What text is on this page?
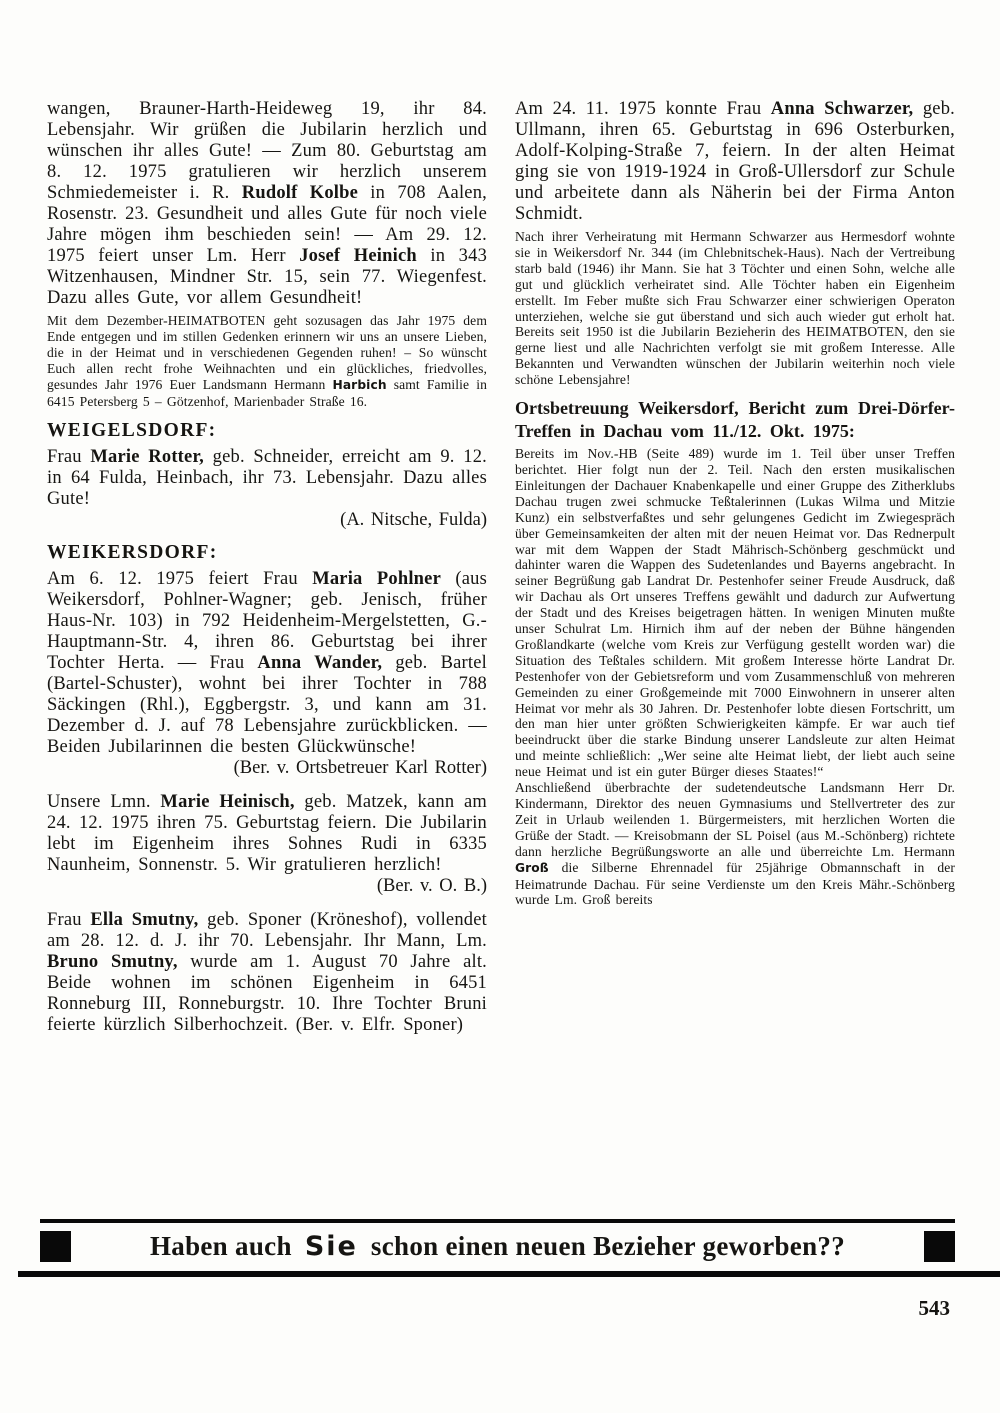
wangen, Brauner-Harth-Heideweg 19, ihr 84. Lebensjahr. Wir grüßen die Jubilarin herzlich und wünschen ihr alles Gute! — Zum 80. Geburtstag am 8. 12. 1975 gratulieren wir herzlich unserem Schmiedemeister i. R. Rudolf Kolbe in 708 Aalen, Rosenstr. 23. Gesundheit und alles Gute für noch viele Jahre mögen ihm beschieden sein! — Am 29. 12. 1975 feiert unser Lm. Herr Josef Heinich in 343 Witzenhausen, Mindner Str. 15, sein 77. Wiegenfest. Dazu alles Gute, vor allem Gesundheit!

Mit dem Dezember-HEIMATBOTEN geht sozusagen das Jahr 1975 dem Ende entgegen und im stillen Gedenken erinnern wir uns an unsere Lieben, die in der Heimat und in verschiedenen Gegenden ruhen! – So wünscht Euch allen recht frohe Weihnachten und ein glückliches, friedvolles, gesundes Jahr 1976 Euer Landsmann Hermann Harbich samt Familie in 6415 Petersberg 5 – Götzenhof, Marienbader Straße 16.

WEIGELSDORF:

Frau Marie Rotter, geb. Schneider, erreicht am 9. 12. in 64 Fulda, Heinbach, ihr 73. Lebensjahr. Dazu alles Gute!

(A. Nitsche, Fulda)

WEIKERSDORF:

Am 6. 12. 1975 feiert Frau Maria Pohlner (aus Weikersdorf, Pohlner-Wagner; geb. Jenisch, früher Haus-Nr. 103) in 792 Heidenheim-Mergelstetten, G.-Hauptmann-Str. 4, ihren 86. Geburtstag bei ihrer Tochter Herta. — Frau Anna Wander, geb. Bartel (Bartel-Schuster), wohnt bei ihrer Tochter in 788 Säckingen (Rhl.), Eggbergstr. 3, und kann am 31. Dezember d. J. auf 78 Lebensjahre zurückblicken. — Beiden Jubilarinnen die besten Glückwünsche!

(Ber. v. Ortsbetreuer Karl Rotter)

Unsere Lmn. Marie Heinisch, geb. Matzek, kann am 24. 12. 1975 ihren 75. Geburtstag feiern. Die Jubilarin lebt im Eigenheim ihres Sohnes Rudi in 6335 Naunheim, Sonnenstr. 5. Wir gratulieren herzlich!

(Ber. v. O. B.)

Frau Ella Smutny, geb. Sponer (Kröneshof), vollendet am 28. 12. d. J. ihr 70. Lebensjahr. Ihr Mann, Lm. Bruno Smutny, wurde am 1. August 70 Jahre alt. Beide wohnen im schönen Eigenheim in 6451 Ronneburg III, Ronneburgstr. 10. Ihre Tochter Bruni feierte kürzlich Silberhochzeit. (Ber. v. Elfr. Sponer)

Am 24. 11. 1975 konnte Frau Anna Schwarzer, geb. Ullmann, ihren 65. Geburtstag in 696 Osterburken, Adolf-Kolping-Straße 7, feiern. In der alten Heimat ging sie von 1919-1924 in Groß-Ullersdorf zur Schule und arbeitete dann als Näherin bei der Firma Anton Schmidt.

Nach ihrer Verheiratung mit Hermann Schwarzer aus Hermesdorf wohnte sie in Weikersdorf Nr. 344 (im Chlebnitschek-Haus). Nach der Vertreibung starb bald (1946) ihr Mann. Sie hat 3 Töchter und einen Sohn, welche alle gut und glücklich verheiratet sind. Alle Töchter haben ein Eigenheim erstellt. Im Feber mußte sich Frau Schwarzer einer schwierigen Operaton unterziehen, welche sie gut überstand und sich auch wieder gut erholt hat. Bereits seit 1950 ist die Jubilarin Bezieherin des HEIMATBOTEN, den sie gerne liest und alle Nachrichten verfolgt sie mit großem Interesse. Alle Bekannten und Verwandten wünschen der Jubilarin weiterhin noch viele schöne Lebensjahre!

Ortsbetreuung Weikersdorf, Bericht zum Drei-Dörfer-Treffen in Dachau vom 11./12. Okt. 1975:

Bereits im Nov.-HB (Seite 489) wurde im 1. Teil über unser Treffen berichtet. Hier folgt nun der 2. Teil. Nach den ersten musikalischen Einleitungen der Dachauer Knabenkapelle und einer Gruppe des Zitherklubs Dachau trugen zwei schmucke Teßtalerinnen (Lukas Wilma und Mitzie Kunz) ein selbstverfaßtes und sehr gelungenes Gedicht im Zwiegespräch über Gemeinsamkeiten der alten mit der neuen Heimat vor. Das Rednerpult war mit dem Wappen der Stadt Mährisch-Schönberg geschmückt und dahinter waren die Wappen des Sudetenlandes und Bayerns angebracht. In seiner Begrüßung gab Landrat Dr. Pestenhofer seiner Freude Ausdruck, daß wir Dachau als Ort unseres Treffens gewählt und dadurch zur Aufwertung der Stadt und des Kreises beigetragen hätten. In wenigen Minuten mußte unser Schulrat Lm. Hirnich ihm auf der neben der Bühne hängenden Großlandkarte (welche vom Kreis zur Verfügung gestellt worden war) die Situation des Teßtales schildern. Mit großem Interesse hörte Landrat Dr. Pestenhofer von der Gebietsreform und vom Zusammenschluß von mehreren Gemeinden zu einer Großgemeinde mit 7000 Einwohnern in unserer alten Heimat vor mehr als 30 Jahren. Dr. Pestenhofer lobte diesen Fortschritt, um den man hier unter größten Schwierigkeiten kämpfe. Er war auch tief beeindruckt über die starke Bindung unserer Landsleute zur alten Heimat und meinte schließlich: „Wer seine alte Heimat liebt, der liebt auch seine neue Heimat und ist ein guter Bürger dieses Staates!“

Anschließend überbrachte der sudetendeutsche Landsmann Herr Dr. Kindermann, Direktor des neuen Gymnasiums und Stellvertreter des zur Zeit in Urlaub weilenden 1. Bürgermeisters, mit herzlichen Worten die Grüße der Stadt. — Kreisobmann der SL Poisel (aus M.-Schönberg) richtete dann herzliche Begrüßungsworte an alle und überreichte Lm. Hermann Groß die Silberne Ehrennadel für 25jährige Obmannschaft in der Heimatrunde Dachau. Für seine Verdienste um den Kreis Mähr.-Schönberg wurde Lm. Groß bereits

Haben auch Sie schon einen neuen Bezieher geworben??
543
